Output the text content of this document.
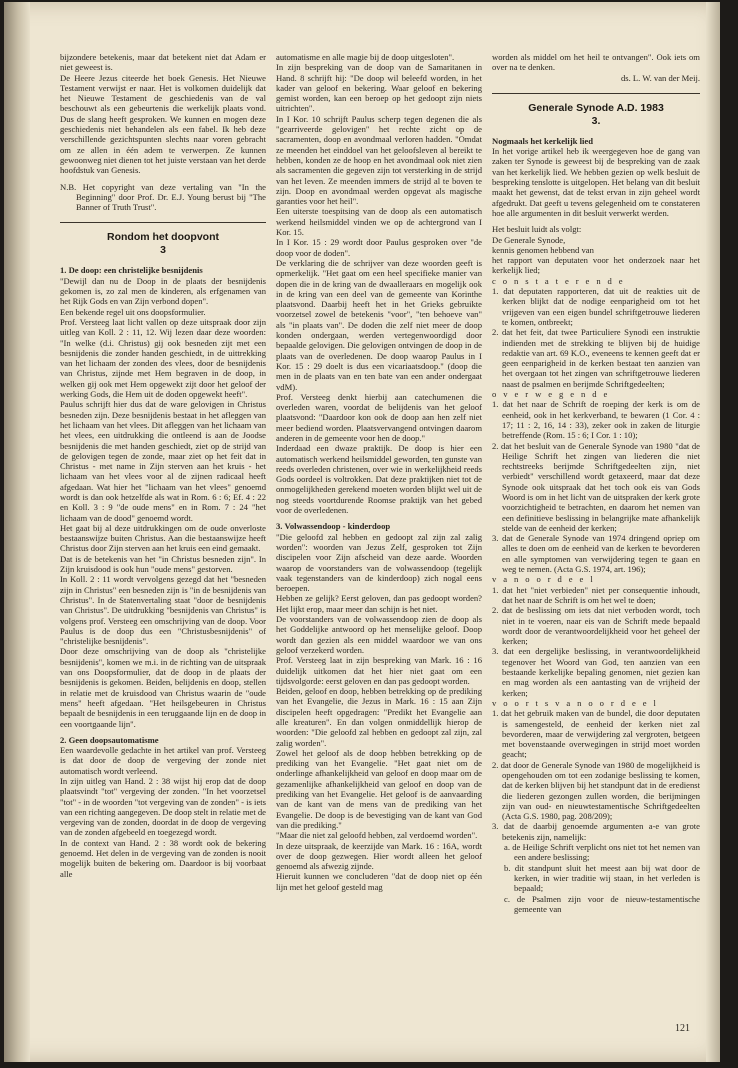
bijzondere betekenis, maar dat betekent niet dat Adam er niet geweest is.

De Heere Jezus citeerde het boek Genesis. Het Nieuwe Testament verwijst er naar. Het is volkomen duidelijk dat het Nieuwe Testament de geschiedenis van de val beschouwt als een gebeurtenis die werkelijk plaats vond. Dus de slang heeft gesproken. We kunnen en mogen deze geschiedenis niet behandelen als een fabel. Ik heb deze verschillende gezichtspunten slechts naar voren gebracht om ze allen in één adem te verwerpen. Ze kunnen gewoonweg niet dienen tot het juiste verstaan van het derde hoofdstuk van Genesis.

N.B. Het copyright van deze vertaling van "In the Beginning" door Prof. Dr. E.J. Young berust bij "The Banner of Truth Trust".

Rondom het doopvont
3

1. De doop: een christelijke besnijdenis

"Dewijl dan nu de Doop in de plaats der besnijdenis gekomen is, zo zal men de kinderen, als erfgenamen van het Rijk Gods en van Zijn verbond dopen".

Een bekende regel uit ons doopsformulier.

Prof. Versteeg laat licht vallen op deze uitspraak door zijn uitleg van Koll. 2 : 11, 12. Wij lezen daar deze woorden: "In welke (d.i. Christus) gij ook besneden zijt met een besnijdenis die zonder handen geschiedt, in de uittrekking van het lichaam der zonden des vlees, door de besnijdenis van Christus, zijnde met Hem begraven in de doop, in welken gij ook met Hem opgewekt zijt door het geloof der werking Gods, die Hem uit de doden opgewekt heeft".

Paulus schrijft hier dus dat de ware gelovigen in Christus besneden zijn. Deze besnijdenis bestaat in het afleggen van het lichaam van het vlees. Dit afleggen van het lichaam van het vlees, een uitdrukking die ontleend is aan de Joodse besnijdenis die met handen geschiedt, ziet op de strijd van de gelovigen tegen de zonde, maar ziet op het feit dat in Christus - met name in Zijn sterven aan het kruis - het lichaam van het vlees voor al de zijnen radicaal heeft afgedaan. Wat hier het "lichaam van het vlees" genoemd wordt is dan ook hetzelfde als wat in Rom. 6 : 6; Ef. 4 : 22 en Koll. 3 : 9 "de oude mens" en in Rom. 7 : 24 "het lichaam van de dood" genoemd wordt.

Het gaat bij al deze uitdrukkingen om de oude onverloste bestaanswijze buiten Christus. Aan die bestaanswijze heeft Christus door Zijn sterven aan het kruis een eind gemaakt.

Dat is de betekenis van het "in Christus besneden zijn". In Zijn kruisdood is ook hun "oude mens" gestorven.

In Koll. 2 : 11 wordt vervolgens gezegd dat het "besneden zijn in Christus" een besneden zijn is "in de besnijdenis van Christus". In de Statenvertaling staat "door de besnijdenis van Christus". De uitdrukking "besnijdenis van Christus" is volgens prof. Versteeg een omschrijving van de doop. Voor Paulus is de doop dus een "Christusbesnijdenis" of "christelijke besnijdenis".

Door deze omschrijving van de doop als "christelijke besnijdenis", komen we m.i. in de richting van de uitspraak van ons Doopsformulier, dat de doop in de plaats der besnijdenis is gekomen. Beiden, belijdenis en doop, stellen in relatie met de kruisdood van Christus waarin de "oude mens" heeft afgedaan. "Het heilsgebeuren in Christus bepaalt de besnijdenis in een teruggaande lijn en de doop in een voortgaande lijn".

2. Geen doopsautomatisme

Een waardevolle gedachte in het artikel van prof. Versteeg is dat door de doop de vergeving der zonde niet automatisch wordt verleend.

In zijn uitleg van Hand. 2 : 38 wijst hij erop dat de doop plaatsvindt "tot" vergeving der zonden. "In het voorzetsel "tot" - in de woorden "tot vergeving van de zonden" - is iets van een richting aangegeven. De doop stelt in relatie met de vergeving van de zonden, doordat in de doop de vergeving van de zonden afgebeeld en toegezegd wordt.

In de context van Hand. 2 : 38 wordt ook de bekering genoemd. Het delen in de vergeving van de zonden is nooit mogelijk buiten de bekering om. Daardoor is bij voorbaat alle

automatisme en alle magie bij de doop uitgesloten".

In zijn bespreking van de doop van de Samaritanen in Hand. 8 schrijft hij: "De doop wil beleefd worden, in het kader van geloof en bekering. Waar geloof en bekering gemist worden, kan een beroep op het gedoopt zijn niets uitrichten".

In I Kor. 10 schrijft Paulus scherp tegen degenen die als "gearriveerde gelovigen" het rechte zicht op de sacramenten, doop en avondmaal verloren hadden. "Omdat ze meenden het einddoel van het geloofsleven al bereikt te hebben, konden ze de hoop en het avondmaal ook niet zien als sacramenten die gegeven zijn tot versterking in de strijd van het leven. Ze meenden immers de strijd al te boven te zijn. Doop en avondmaal werden opgevat als magische garanties voor het heil".

Een uiterste toespitsing van de doop als een automatisch werkend heilsmiddel vinden we op de achtergrond van I Kor. 15.

In I Kor. 15 : 29 wordt door Paulus gesproken over "de doop voor de doden".

De verklaring die de schrijver van deze woorden geeft is opmerkelijk. "Het gaat om een heel specifieke manier van dopen die in de kring van de dwaalleraars en mogelijk ook in de kring van een deel van de gemeente van Korinthe plaatsvond. Daarbij heeft het in het Grieks gebruikte voorzetsel zowel de betekenis "voor", "ten behoeve van" als "in plaats van". De doden die zelf niet meer de doop konden ondergaan, werden vertegenwoordigd door bepaalde gelovigen. Die gelovigen ontvingen de doop in de plaats van de overledenen. De doop waarop Paulus in I Kor. 15 : 29 doelt is dus een vicariaatsdoop." (doop die men in de plaats van en ten bate van een ander ondergaat vdM).

Prof. Versteeg denkt hierbij aan catechumenen die overleden waren, voordat de belijdenis van het geloof plaatsvond: "Daardoor kon ook de doop aan hen zelf niet meer bediend worden. Plaatsvervangend ontvingen daarom anderen in de gemeente voor hen de doop."

Inderdaad een dwaze praktijk. De doop is hier een automatisch werkend heilsmiddel geworden, ten gunste van reeds overleden christenen, over wie in werkelijkheid reeds Gods oordeel is voltrokken. Dat deze praktijken niet tot de onmogelijkheden gerekend moeten worden blijkt wel uit de nog steeds voortdurende Roomse praktijk van het gebed voor de overledenen.

3. Volwassendoop - kinderdoop

"Die geloofd zal hebben en gedoopt zal zijn zal zalig worden": woorden van Jezus Zelf, gesproken tot Zijn discipelen voor Zijn afscheid van deze aarde. Woorden waarop de voorstanders van de volwassendoop (tegelijk vaak tegenstanders van de kinderdoop) zich nogal eens beroepen.

Hebben ze gelijk? Eerst geloven, dan pas gedoopt worden? Het lijkt erop, maar meer dan schijn is het niet.

De voorstanders van de volwassendoop zien de doop als het Goddelijke antwoord op het menselijke geloof. Doop wordt dan gezien als een middel waardoor we van ons geloof verzekerd worden.

Prof. Versteeg laat in zijn bespreking van Mark. 16 : 16 duidelijk uitkomen dat het hier niet gaat om een tijdsvolgorde: eerst geloven en dan pas gedoopt worden.

Beiden, geloof en doop, hebben betrekking op de prediking van het Evangelie, die Jezus in Mark. 16 : 15 aan Zijn discipelen heeft opgedragen: "Predikt het Evangelie aan alle kreaturen". En dan volgen onmiddellijk hierop de woorden: "Die geloofd zal hebben en gedoopt zal zijn, zal zalig worden".

Zowel het geloof als de doop hebben betrekking op de prediking van het Evangelie. "Het gaat niet om de onderlinge afhankelijkheid van geloof en doop maar om de gezamenlijke afhankelijkheid van geloof en doop van de prediking van het Evangelie. Het geloof is de aanvaarding van de kant van de mens van de prediking van het Evangelie. De doop is de bevestiging van de kant van God van die prediking."

"Maar die niet zal geloofd hebben, zal verdoemd worden".

In deze uitspraak, de keerzijde van Mark. 16 : 16A, wordt over de doop gezwegen. Hier wordt alleen het geloof genoemd als afwezig zijnde.

Hieruit kunnen we concluderen "dat de doop niet op één lijn met het geloof gesteld mag

worden als middel om het heil te ontvangen". Ook iets om over na te denken.

ds. L. W. van der Meij.

Generale Synode A.D. 1983
3.

Nogmaals het kerkelijk lied

In het vorige artikel heb ik weergegeven hoe de gang van zaken ter Synode is geweest bij de bespreking van de zaak van het kerkelijk lied. We hebben gezien op welk besluit de bespreking tenslotte is uitgelopen. Het belang van dit besluit maakt het gewenst, dat de tekst ervan in zijn geheel wordt afgedrukt. Dat geeft u tevens gelegenheid om te constateren hoe alle argumenten in dit besluit verwerkt werden.

Het besluit luidt als volgt:

De Generale Synode,

kennis genomen hebbend van

het rapport van deputaten voor het onderzoek naar het kerkelijk lied;

c o n s t a t e r e n d e

1. dat deputaten rapporteren, dat uit de reakties uit de kerken blijkt dat de nodige eenparigheid om tot het vrijgeven van een eigen bundel schriftgetrouwe liederen te komen, ontbreekt;

2. dat het feit, dat twee Particuliere Synodi een instruktie indienden met de strekking te blijven bij de huidige redaktie van art. 69 K.O., eveneens te kennen geeft dat er geen eenparigheid in de kerken bestaat ten aanzien van het overgaan tot het zingen van schriftgetrouwe liederen naast de psalmen en berijmde Schriftgedeelten;

o v e r w e g e n d e

1. dat het naar de Schrift de roeping der kerk is om de eenheid, ook in het kerkverband, te bewaren (1 Cor. 4 : 17; 11 : 2, 16, 14 : 33), zeker ook in zaken de liturgie betreffende (Rom. 15 : 6; I Cor. 1 : 10);

2. dat het besluit van de Generale Synode van 1980 "dat de Heilige Schrift het zingen van liederen die niet rechtstreeks berijmde Schriftgedeelten zijn, niet verbiedt" verschillend wordt getaxeerd, maar dat deze Synode ook uitspraak dat het toch ook eis van Gods Woord is om in het licht van de uitspraken der kerk grote voorzichtigheid te betrachten, en daarom het nemen van een definitieve beslissing in belangrijke mate afhankelijk stelde van de eenheid der kerken;

3. dat de Generale Synode van 1974 dringend opriep om alles te doen om de eenheid van de kerken te bevorderen en alle symptomen van verwijdering tegen te gaan en weg te nemen. (Acta G.S. 1974, art. 196);

v a n o o r d e e l

1. dat het "niet verbieden" niet per consequentie inhoudt, dat het naar de Schrift is om het wel te doen;

2. dat de beslissing om iets dat niet verboden wordt, toch niet in te voeren, naar eis van de Schrift mede bepaald wordt door de verantwoordelijkheid voor het geheel der kerken;

3. dat een dergelijke beslissing, in verantwoordelijkheid tegenover het Woord van God, ten aanzien van een bestaande kerkelijke bepaling genomen, niet gezien kan en mag worden als een aantasting van de vrijheid der kerken;

v o o r t s v a n o o r d e e l

1. dat het gebruik maken van de bundel, die door deputaten is samengesteld, de eenheid der kerken niet zal bevorderen, maar de verwijdering zal vergroten, betgeen met bovenstaande overwegingen in strijd moet worden geacht;

2. dat door de Generale Synode van 1980 de mogelijkheid is opengehouden om tot een zodanige beslissing te komen, dat de kerken blijven bij het standpunt dat in de eredienst die liederen gezongen zullen worden, die berijmingen zijn van oud- en nieuwtestamentische Schriftgedeelten (Acta G.S. 1980, pag. 208/209);

3. dat de daarbij genoemde argumenten a-e van grote betekenis zijn, namelijk:

a. de Heilige Schrift verplicht ons niet tot het nemen van een andere beslissing;

b. dit standpunt sluit het meest aan bij wat door de kerken, in wier traditie wij staan, in het verleden is bepaald;

c. de Psalmen zijn voor de nieuw-testamentische gemeente van

121
